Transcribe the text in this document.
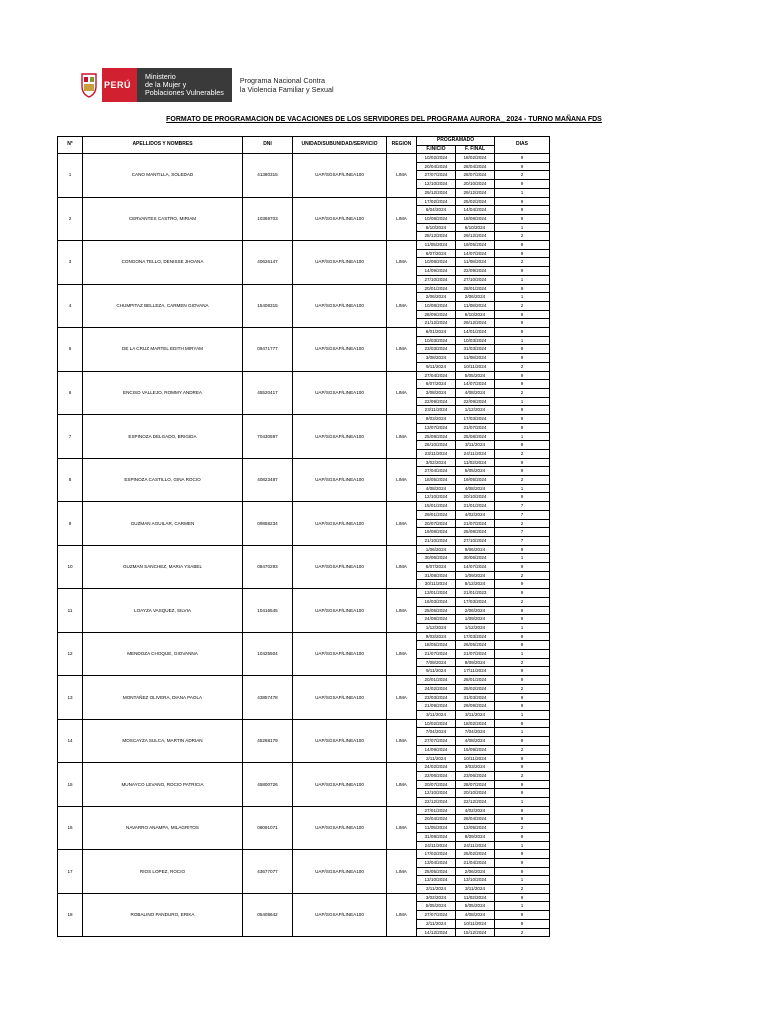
PERÚ
Ministerio
de la Mujer y
Poblaciones Vulnerables
Programa Nacional Contra
la Violencia Familiar y Sexual
FORMATO DE PROGRAMACION DE VACACIONES DE LOS SERVIDORES DEL PROGRAMA AURORA_ 2024 - TURNO MAÑANA FDS
N°	APELLIDOS Y NOMBRES	DNI	UNIDAD/SUBUNIDAD/SERVICIO	REGION	PROGRAMADO		DIAS
					F.INICIO	F. FINAL	
1	CANO MANTILLA, SOLEDAD	41380315	UAP/SGSAP/LINEA100	LIMA	10/02/2024	18/02/2024	9
					20/04/2024	28/04/2024	9
					27/07/2024	28/07/2024	2
					12/10/2024	20/10/2024	9
					29/12/2024	29/12/2024	1
2	CERVANTES CASTRO, MIRIAM	10369703	UAP/SGSAP/LINEA100	LIMA	17/02/2024	25/02/2024	9
					6/04/2024	14/04/2024	9
					10/08/2024	18/08/2024	9
					6/10/2024	6/10/2024	1
					28/12/2024	29/12/2024	2
3	CONGONA TELLO, DENISSE JHOANA	40626147	UAP/SGSAP/LINEA100	LIMA	11/05/2024	19/05/2024	9
					6/07/2024	14/07/2024	9
					10/08/2024	11/08/2024	2
					14/09/2024	22/09/2024	9
					27/10/2024	27/10/2024	1
4	CHUMPITAZ BELLEZA, CARMEN GIOVANA	15408315	UAP/SGSAP/LINEA100	LIMA	20/01/2024	28/01/2024	9
					2/06/2024	2/06/2024	1
					10/08/2024	11/08/2024	2
					28/09/2024	6/10/2024	9
					21/12/2024	29/12/2024	9
5	DE LA CRUZ MARTEL EDITH MIRYAM	09471777	UAP/SGSAP/LINEA100	LIMA	6/01/2024	14/01/2024	9
					10/03/2024	10/03/2024	1
					23/03/2024	31/03/2024	9
					3/08/2024	11/08/2024	9
					9/11/2024	10/11/2024	2
6	ENCISO VALLEJO, ROMMY ANDREA	45520417	UAP/SGSAP/LINEA100	LIMA	27/04/2024	5/05/2024	9
					6/07/2024	14/07/2024	9
					3/08/2024	4/08/2024	2
					22/09/2024	22/09/2024	1
					23/11/2024	1/12/2024	9
7	ESPINOZA DELGADO, BRIGIDA	70430597	UAP/SGSAP/LINEA100	LIMA	9/03/2024	17/03/2024	9
					13/07/2024	21/07/2024	9
					25/08/2024	25/08/2024	1
					26/10/2024	3/11/2024	9
					23/11/2024	24/11/2024	2
8	ESPINOZA CASTILLO, GINA ROCIO	40823487	UAP/SGSAP/LINEA100	LIMA	3/02/2024	11/02/2024	9
					27/04/2024	5/05/2024	9
					18/05/2024	19/05/2024	2
					4/08/2024	4/08/2024	1
					12/10/2024	20/10/2024	9
9	GUZMAN AGUILAR, CARMEN	09858234	UAP/SGSAP/LINEA100	LIMA	15/01/2024	21/01/2024	7
					29/01/2024	4/02/2024	7
					20/07/2024	21/07/2024	2
					19/08/2024	25/08/2024	7
					21/10/2024	27/10/2024	7
10	GUZMAN SANCHEZ, MARIA YSABEL	08470293	UAP/SGSAP/LINEA100	LIMA	1/06/2024	9/06/2024	9
					30/06/2024	30/06/2024	1
					6/07/2024	14/07/2024	9
					31/08/2024	1/09/2024	2
					30/11/2024	8/12/2024	9
11	LOAYZA VASQUEZ, SILVIA	10416545	UAP/SGSAP/LINEA100	LIMA	13/01/2024	21/01/2023	9
					16/03/2024	17/03/2024	2
					25/05/2024	2/06/2024	9
					24/08/2024	1/09/2024	9
					1/12/2024	1/12/2024	1
12	MENDOZA CHOQUE, GIOVANNA	10425504	UAP/SGSAP/LINEA100	LIMA	9/03/2024	17/03/2024	9
					18/05/2024	26/05/2024	9
					21/07/2024	21/07/2024	1
					7/09/2024	8/09/2024	2
					9/11/2024	17/11/2024	9
13	MONTAÑEZ OLIVERA, DIANA PAOLA	43857478	UAP/SGSAP/LINEA100	LIMA	20/01/2024	28/01/2024	9
					24/02/2024	25/02/2024	2
					23/03/2024	31/03/2024	9
					21/09/2024	29/09/2024	9
					3/11/2024	3/11/2024	1
14	MOSCAYZA SULCA, MARTIN ADRIAN	45268179	UAP/SGSAP/LINEA100	LIMA	10/02/2024	18/02/2024	9
					7/04/2024	7/04/2024	1
					27/07/2024	4/08/2024	9
					14/09/2024	15/09/2024	2
					2/11/2024	10/11/2024	9
15	MUNAYCO LEVANO, ROCIO PATRICIA	45800726	UAP/SGSAP/LINEA100	LIMA	24/02/2024	3/03/2024	9
					22/06/2024	23/06/2024	2
					20/07/2024	28/07/2024	9
					12/10/2024	20/10/2024	9
					22/12/2024	22/12/2024	1
16	NAVARRO ANAMPA, MILAGRITOS	08091071	UAP/SGSAP/LINEA100	LIMA	27/01/2024	4/02/2024	9
					20/04/2024	28/04/2024	9
					11/05/2024	12/05/2024	2
					31/08/2024	8/09/2024	9
					24/11/2024	24/11/2024	1
17	RIOS LOPEZ, ROCIO	43677077	UAP/SGSAP/LINEA100	LIMA	17/02/2024	25/02/2024	9
					13/04/2024	21/04/2024	9
					25/05/2024	2/06/2024	9
					13/10/2024	13/10/2024	1
					2/11/2024	3/11/2024	2
18	ROBALINO PANDURO, ERIKA	05408642	UAP/SGSAP/LINEA100	LIMA	3/02/2024	11/02/2024	9
					5/05/2024	5/05/2024	1
					27/07/2024	4/08/2024	9
					2/11/2024	10/11/2024	9
					14/12/2024	15/12/2024	2
